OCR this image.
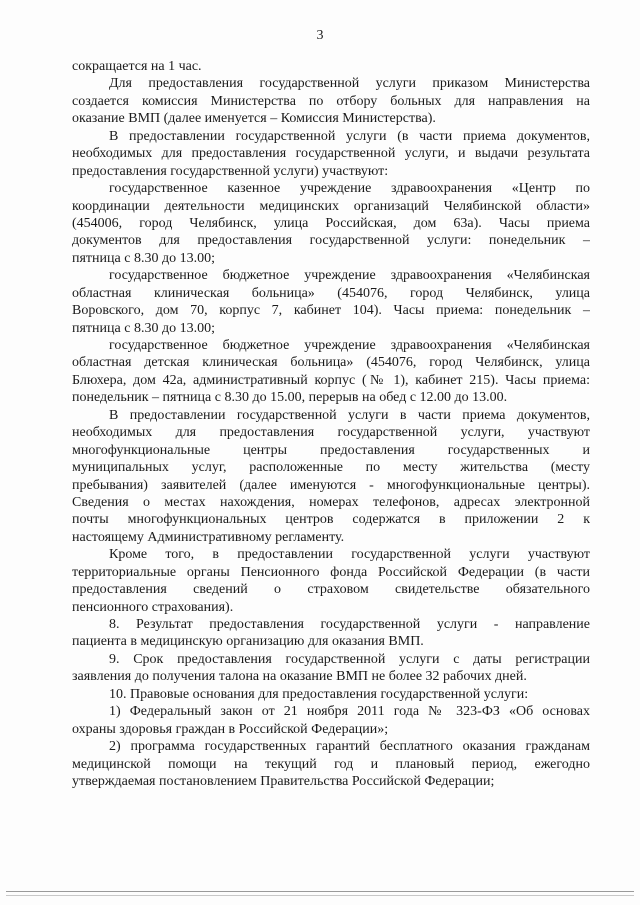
3
сокращается на 1 час.
Для предоставления государственной услуги приказом Министерства
создается комиссия Министерства по отбору больных для направления на
оказание ВМП (далее именуется – Комиссия Министерства).
В предоставлении государственной услуги (в части приема документов,
необходимых для предоставления государственной услуги, и выдачи результата
предоставления государственной услуги) участвуют:
государственное казенное учреждение здравоохранения «Центр по
координации деятельности медицинских организаций Челябинской области»
(454006, город Челябинск, улица Российская, дом 63а). Часы приема
документов для предоставления государственной услуги: понедельник –
пятница с 8.30 до 13.00;
государственное бюджетное учреждение здравоохранения «Челябинская
областная клиническая больница» (454076, город Челябинск, улица
Воровского, дом 70, корпус 7, кабинет 104). Часы приема: понедельник –
пятница с 8.30 до 13.00;
государственное бюджетное учреждение здравоохранения «Челябинская
областная детская клиническая больница» (454076, город Челябинск, улица
Блюхера, дом 42а, административный корпус (№ 1), кабинет 215). Часы приема:
понедельник – пятница с 8.30 до 15.00, перерыв на обед с 12.00 до 13.00.
В предоставлении государственной услуги в части приема документов,
необходимых для предоставления государственной услуги, участвуют
многофункциональные центры предоставления государственных и
муниципальных услуг, расположенные по месту жительства (месту
пребывания) заявителей (далее именуются - многофункциональные центры).
Сведения о местах нахождения, номерах телефонов, адресах электронной
почты многофункциональных центров содержатся в приложении 2 к
настоящему Административному регламенту.
Кроме того, в предоставлении государственной услуги участвуют
территориальные органы Пенсионного фонда Российской Федерации (в части
предоставления сведений о страховом свидетельстве обязательного
пенсионного страхования).
8. Результат предоставления государственной услуги - направление
пациента в медицинскую организацию для оказания ВМП.
9. Срок предоставления государственной услуги с даты регистрации
заявления до получения талона на оказание ВМП не более 32 рабочих дней.
10. Правовые основания для предоставления государственной услуги:
1) Федеральный закон от 21 ноября 2011 года № 323-ФЗ «Об основах
охраны здоровья граждан в Российской Федерации»;
2) программа государственных гарантий бесплатного оказания гражданам
медицинской помощи на текущий год и плановый период, ежегодно
утверждаемая постановлением Правительства Российской Федерации;
